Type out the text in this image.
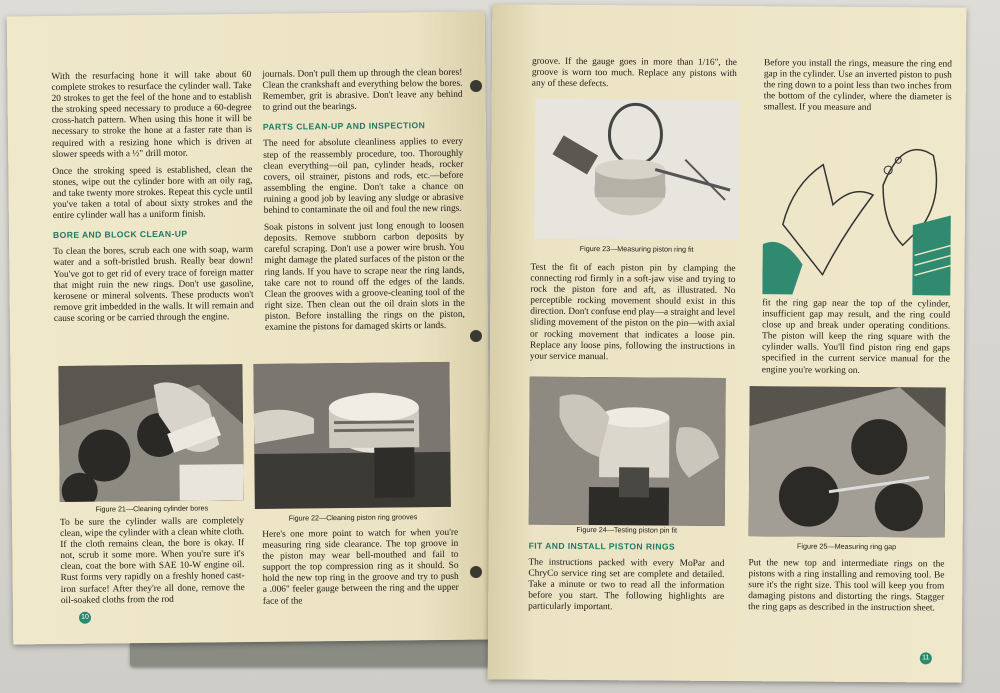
With the resurfacing hone it will take about 60 complete strokes to resurface the cylinder wall. Take 20 strokes to get the feel of the hone and to establish the stroking speed necessary to produce a 60-degree cross-hatch pattern. When using this hone it will be necessary to stroke the hone at a faster rate than is required with a resizing hone which is driven at slower speeds with a ½" drill motor.

Once the stroking speed is established, clean the stones, wipe out the cylinder bore with an oily rag, and take twenty more strokes. Repeat this cycle until you've taken a total of about sixty strokes and the entire cylinder wall has a uniform finish.

BORE AND BLOCK CLEAN-UP

To clean the bores, scrub each one with soap, warm water and a soft-bristled brush. Really bear down! You've got to get rid of every trace of foreign matter that might ruin the new rings. Don't use gasoline, kerosene or mineral solvents. These products won't remove grit imbedded in the walls. It will remain and cause scoring or be carried through the engine.

journals. Don't pull them up through the clean bores! Clean the crankshaft and everything below the bores. Remember, grit is abrasive. Don't leave any behind to grind out the bearings.

PARTS CLEAN-UP AND INSPECTION

The need for absolute cleanliness applies to every step of the reassembly procedure, too. Thoroughly clean everything—oil pan, cylinder heads, rocker covers, oil strainer, pistons and rods, etc.—before assembling the engine. Don't take a chance on ruining a good job by leaving any sludge or abrasive behind to contaminate the oil and foul the new rings.

Soak pistons in solvent just long enough to loosen deposits. Remove stubborn carbon deposits by careful scraping. Don't use a power wire brush. You might damage the plated surfaces of the piston or the ring lands. If you have to scrape near the ring lands, take care not to round off the edges of the lands. Clean the grooves with a groove-cleaning tool of the right size. Then clean out the oil drain slots in the piston. Before installing the rings on the piston, examine the pistons for damaged skirts or lands.

Figure 21—Cleaning cylinder bores
Figure 22—Cleaning piston ring grooves

To be sure the cylinder walls are completely clean, wipe the cylinder with a clean white cloth. If the cloth remains clean, the bore is okay. If not, scrub it some more. When you're sure it's clean, coat the bore with SAE 10-W engine oil. Rust forms very rapidly on a freshly honed cast-iron surface! After they're all done, remove the oil-soaked cloths from the rod

Here's one more point to watch for when you're measuring ring side clearance. The top groove in the piston may wear bell-mouthed and fail to support the top compression ring as it should. So hold the new top ring in the groove and try to push a .006" feeler gauge between the ring and the upper face of the

10

groove. If the gauge goes in more than 1/16", the groove is worn too much. Replace any pistons with any of these defects.

Figure 23—Measuring piston ring fit

Test the fit of each piston pin by clamping the connecting rod firmly in a soft-jaw vise and trying to rock the piston fore and aft, as illustrated. No perceptible rocking movement should exist in this direction. Don't confuse end play—a straight and level sliding movement of the piston on the pin—with axial or rocking movement that indicates a loose pin. Replace any loose pins, following the instructions in your service manual.

Before you install the rings, measure the ring end gap in the cylinder. Use an inverted piston to push the ring down to a point less than two inches from the bottom of the cylinder, where the diameter is smallest. If you measure and

fit the ring gap near the top of the cylinder, insufficient gap may result, and the ring could close up and break under operating conditions. The piston will keep the ring square with the cylinder walls. You'll find piston ring end gaps specified in the current service manual for the engine you're working on.

Figure 24—Testing piston pin fit
Figure 25—Measuring ring gap
FIT AND INSTALL PISTON RINGS

The instructions packed with every MoPar and ChryCo service ring set are complete and detailed. Take a minute or two to read all the information before you start. The following highlights are particularly important.

Put the new top and intermediate rings on the pistons with a ring installing and removing tool. Be sure it's the right size. This tool will keep you from damaging pistons and distorting the rings. Stagger the ring gaps as described in the instruction sheet.

11
